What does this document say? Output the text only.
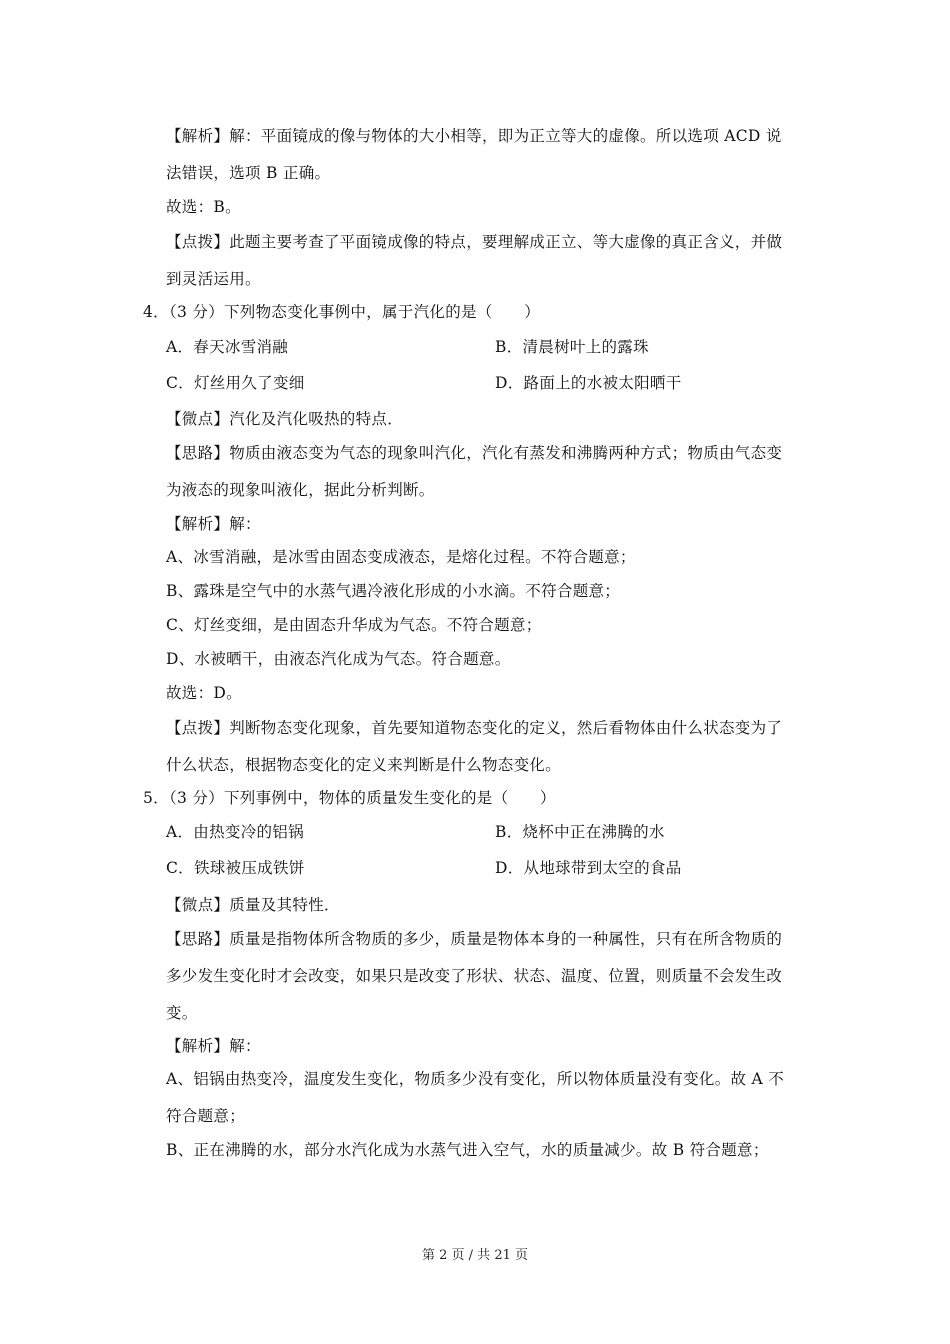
【解析】解：平面镜成的像与物体的大小相等，即为正立等大的虚像。所以选项 ACD 说
法错误，选项 B 正确。
故选：B。
【点拨】此题主要考查了平面镜成像的特点，要理解成正立、等大虚像的真正含义，并做
到灵活运用。
4．（3 分）下列物态变化事例中，属于汽化的是（　　）
A．春天冰雪消融	B．清晨树叶上的露珠
C．灯丝用久了变细	D．路面上的水被太阳晒干
【微点】汽化及汽化吸热的特点．
【思路】物质由液态变为气态的现象叫汽化，汽化有蒸发和沸腾两种方式；物质由气态变
为液态的现象叫液化，据此分析判断。
【解析】解：
A、冰雪消融，是冰雪由固态变成液态，是熔化过程。不符合题意；
B、露珠是空气中的水蒸气遇冷液化形成的小水滴。不符合题意；
C、灯丝变细，是由固态升华成为气态。不符合题意；
D、水被晒干，由液态汽化成为气态。符合题意。
故选：D。
【点拨】判断物态变化现象，首先要知道物态变化的定义，然后看物体由什么状态变为了
什么状态，根据物态变化的定义来判断是什么物态变化。
5．（3 分）下列事例中，物体的质量发生变化的是（　　）
A．由热变冷的铝锅	B．烧杯中正在沸腾的水
C．铁球被压成铁饼	D．从地球带到太空的食品
【微点】质量及其特性．
【思路】质量是指物体所含物质的多少，质量是物体本身的一种属性，只有在所含物质的
多少发生变化时才会改变，如果只是改变了形状、状态、温度、位置，则质量不会发生改
变。
【解析】解：
A、铝锅由热变冷，温度发生变化，物质多少没有变化，所以物体质量没有变化。故 A 不
符合题意；
B、正在沸腾的水，部分水汽化成为水蒸气进入空气，水的质量减少。故 B 符合题意；
第 2 页 / 共 21 页
